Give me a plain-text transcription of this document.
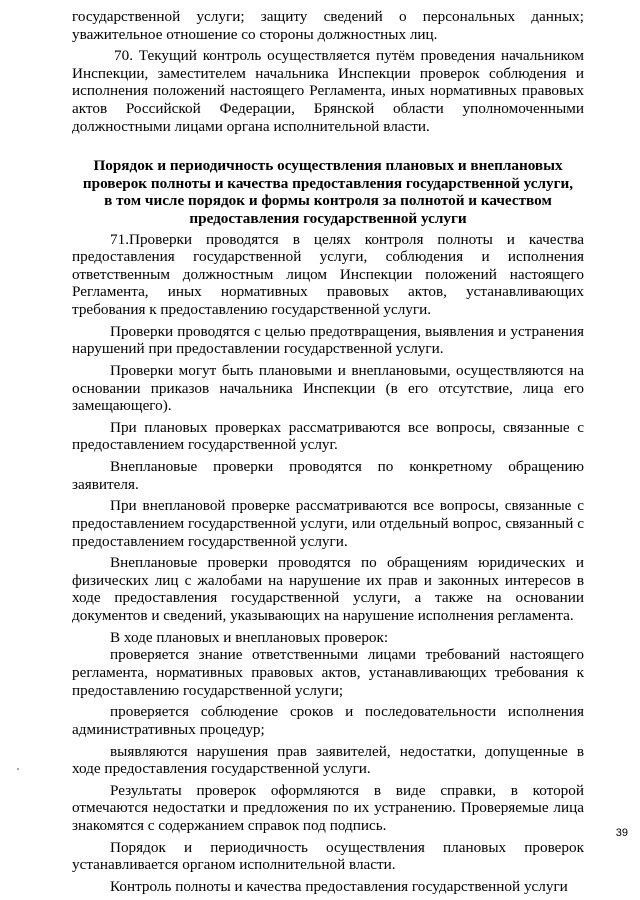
государственной услуги; защиту сведений о персональных данных; уважительное отношение со стороны должностных лиц.

70. Текущий контроль осуществляется путём проведения начальником Инспекции, заместителем начальника Инспекции проверок соблюдения и исполнения положений настоящего Регламента, иных нормативных правовых актов Российской Федерации, Брянской области уполномоченными должностными лицами органа исполнительной власти.

Порядок и периодичность осуществления плановых и внеплановых проверок полноты и качества предоставления государственной услуги, в том числе порядок и формы контроля за полнотой и качеством предоставления государственной услуги

71.Проверки проводятся в целях контроля полноты и качества предоставления государственной услуги, соблюдения и исполнения ответственным должностным лицом Инспекции положений настоящего Регламента, иных нормативных правовых актов, устанавливающих требования к предоставлению государственной услуги.

Проверки проводятся с целью предотвращения, выявления и устранения нарушений при предоставлении государственной услуги.

Проверки могут быть плановыми и внеплановыми, осуществляются на основании приказов начальника Инспекции (в его отсутствие, лица его замещающего).

При плановых проверках рассматриваются все вопросы, связанные с предоставлением государственной услуг.

Внеплановые проверки проводятся по конкретному обращению заявителя.

При внеплановой проверке рассматриваются все вопросы, связанные с предоставлением государственной услуги, или отдельный вопрос, связанный с предоставлением государственной услуги.

Внеплановые проверки проводятся по обращениям юридических и физических лиц с жалобами на нарушение их прав и законных интересов в ходе предоставления государственной услуги, а также на основании документов и сведений, указывающих на нарушение исполнения регламента.

В ходе плановых и внеплановых проверок:

проверяется знание ответственными лицами требований настоящего регламента, нормативных правовых актов, устанавливающих требования к предоставлению государственной услуги;

проверяется соблюдение сроков и последовательности исполнения административных процедур;

выявляются нарушения прав заявителей, недостатки, допущенные в ходе предоставления государственной услуги.

Результаты проверок оформляются в виде справки, в которой отмечаются недостатки и предложения по их устранению. Проверяемые лица знакомятся с содержанием справок под подпись.

Порядок и периодичность осуществления плановых проверок устанавливается органом исполнительной власти.

Контроль полноты и качества предоставления государственной услуги

39
